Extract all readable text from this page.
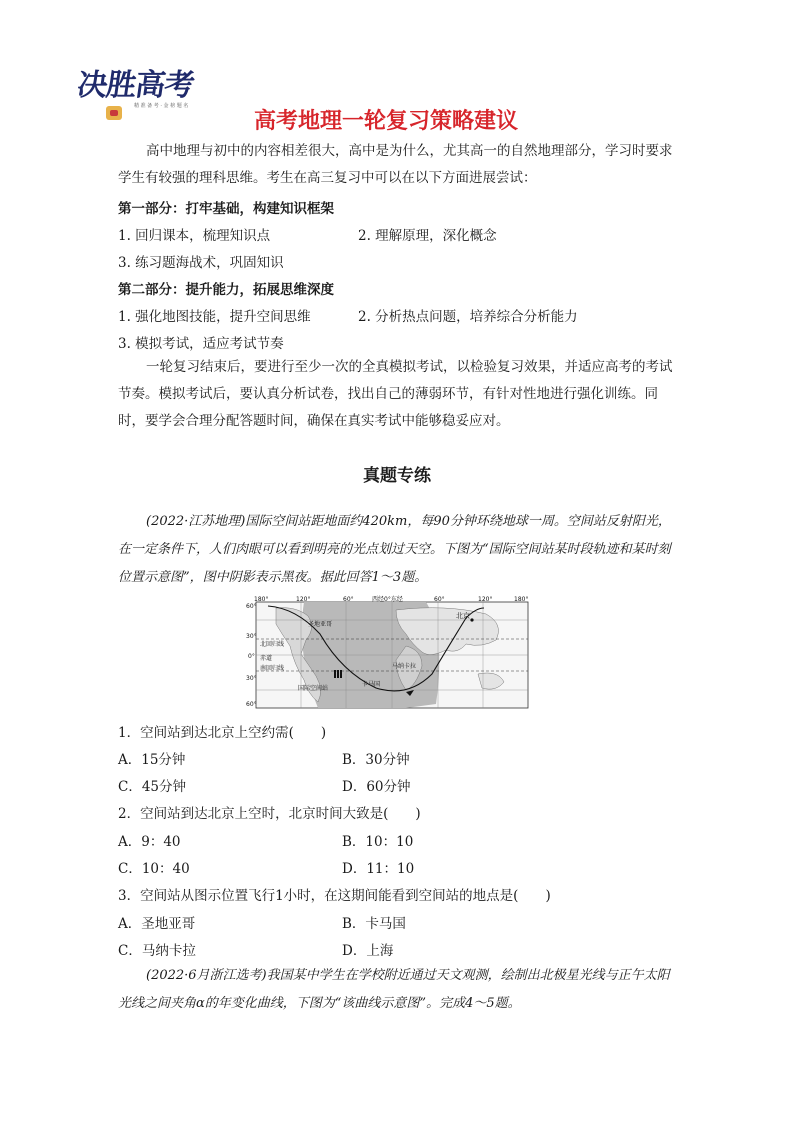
决胜高考
精 准 备 考 · 金 榜 题 名
高考地理一轮复习策略建议
高中地理与初中的内容相差很大，高中是为什么，尤其高一的自然地理部分，学习时要求学生有较强的理科思维。考生在高三复习中可以在以下方面进展尝试：
第一部分：打牢基础，构建知识框架
1. 回归课本，梳理知识点	2. 理解原理，深化概念
3. 练习题海战术，巩固知识
第二部分：提升能力，拓展思维深度
1. 强化地图技能，提升空间思维	2. 分析热点问题，培养综合分析能力
3. 模拟考试，适应考试节奏
一轮复习结束后，要进行至少一次的全真模拟考试，以检验复习效果，并适应高考的考试节奏。模拟考试后，要认真分析试卷，找出自己的薄弱环节，有针对性地进行强化训练。同时，要学会合理分配答题时间，确保在真实考试中能够稳妥应对。
真题专练
(2022·江苏地理)国际空间站距地面约420km，每90分钟环绕地球一周。空间站反射阳光，在一定条件下，人们肉眼可以看到明亮的光点划过天空。下图为“国际空间站某时段轨迹和某时刻位置示意图”，图中阴影表示黑夜。据此回答1～3题。
180°	120°	60°	西经0°东经	60°	120°	180°
60°
30°
0°
30°
60°
北回归线
赤道
南回归线
北京
圣地亚哥
卡马国
马纳卡拉
国际空间站
1．空间站到达北京上空约需(　　)
A．15分钟	B．30分钟
C．45分钟	D．60分钟
2．空间站到达北京上空时，北京时间大致是(　　)
A．9：40	B．10：10
C．10：40	D．11：10
3．空间站从图示位置飞行1小时，在这期间能看到空间站的地点是(　　)
A．圣地亚哥	B．卡马国
C．马纳卡拉	D．上海
(2022·6月浙江选考)我国某中学生在学校附近通过天文观测，绘制出北极星光线与正午太阳光线之间夹角α的年变化曲线，下图为“该曲线示意图”。完成4～5题。
